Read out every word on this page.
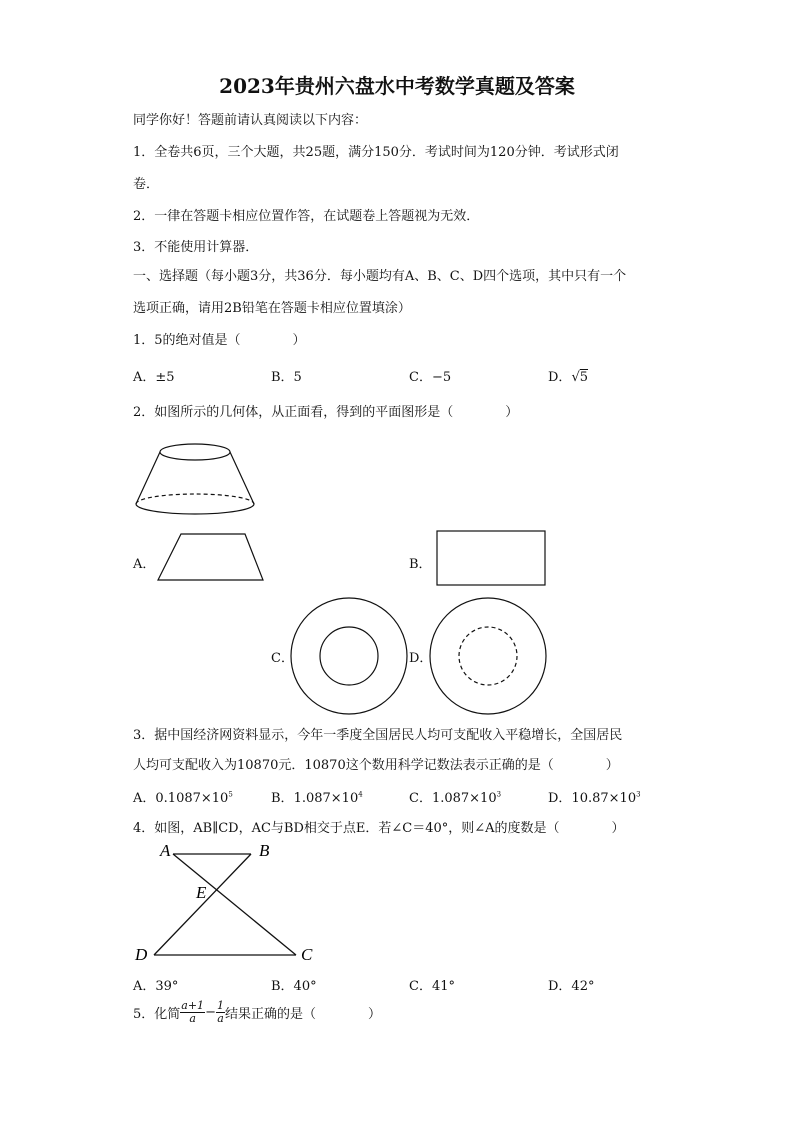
2023年贵州六盘水中考数学真题及答案
同学你好！答题前请认真阅读以下内容：
1．全卷共6页，三个大题，共25题，满分150分．考试时间为120分钟．考试形式闭
卷．
2．一律在答题卡相应位置作答，在试题卷上答题视为无效．
3．不能使用计算器．
一、选择题（每小题3分，共36分．每小题均有A、B、C、D四个选项，其中只有一个
选项正确，请用2B铅笔在答题卡相应位置填涂）
1．5的绝对值是（　　　　）
A．±5	B．5	C．−5	D．√5
2．如图所示的几何体，从正面看，得到的平面图形是（　　　　）
A．	B．
C．	D．
3．据中国经济网资料显示，今年一季度全国居民人均可支配收入平稳增长，全国居民
人均可支配收入为10870元．10870这个数用科学记数法表示正确的是（　　　　）
A．$0.1087\times 10^5$	B．$1.087\times 10^4$	C．$1.087\times 10^3$	D．$10.87\times 10^3$
4．如图，AB∥CD，AC与BD相交于点E．若∠C＝40°，则∠A的度数是（　　　　）
A	B
E
D	C
A．39°	B．40°	C．41°	D．42°
5．化简 $\frac{a+1}{a} - \frac{1}{a}$ 结果正确的是（　　　　）
